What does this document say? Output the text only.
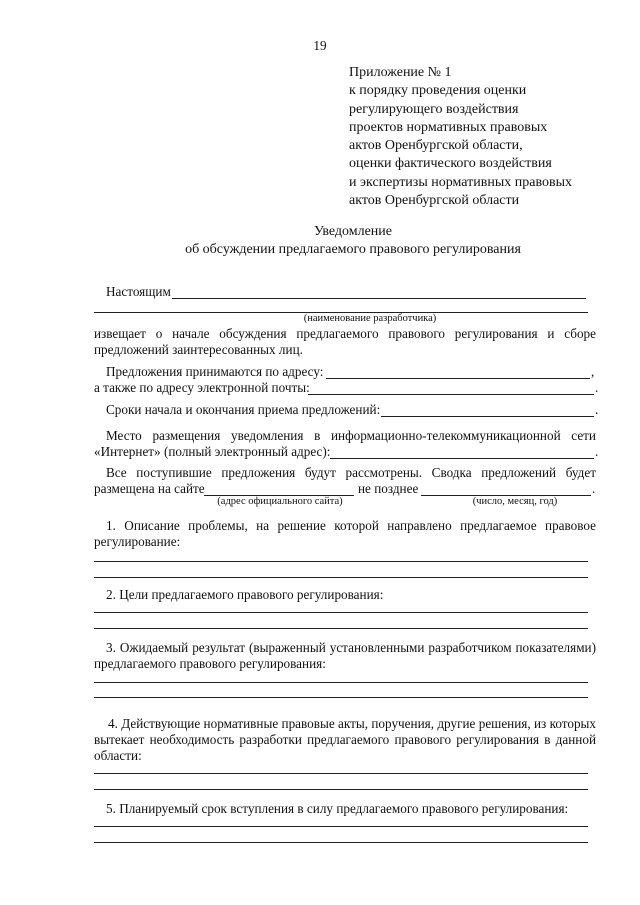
19
Приложение № 1
к порядку проведения оценки
регулирующего воздействия
проектов нормативных правовых
актов Оренбургской области,
оценки фактического воздействия
и экспертизы нормативных правовых
актов Оренбургской области
Уведомление
об обсуждении предлагаемого правового регулирования
Настоящим
(наименование разработчика)
извещает о начале обсуждения предлагаемого правового регулирования и сборе
предложений заинтересованных лиц.
Предложения принимаются по адресу:	,
а также по адресу электронной почты:	.
Сроки начала и окончания приема предложений:	.
Место размещения уведомления в информационно-телекоммуникационной сети
«Интернет» (полный электронный адрес):	.
Все поступившие предложения будут рассмотрены. Сводка предложений будет
размещена на сайте	не позднее	.
(адрес официального сайта)	(число, месяц, год)
1. Описание проблемы, на решение которой направлено предлагаемое правовое
регулирование:
2. Цели предлагаемого правового регулирования:
3. Ожидаемый результат (выраженный установленными разработчиком показателями)
предлагаемого правового регулирования:
4. Действующие нормативные правовые акты, поручения, другие решения, из которых
вытекает необходимость разработки предлагаемого правового регулирования в данной
области:
5. Планируемый срок вступления в силу предлагаемого правового регулирования:
